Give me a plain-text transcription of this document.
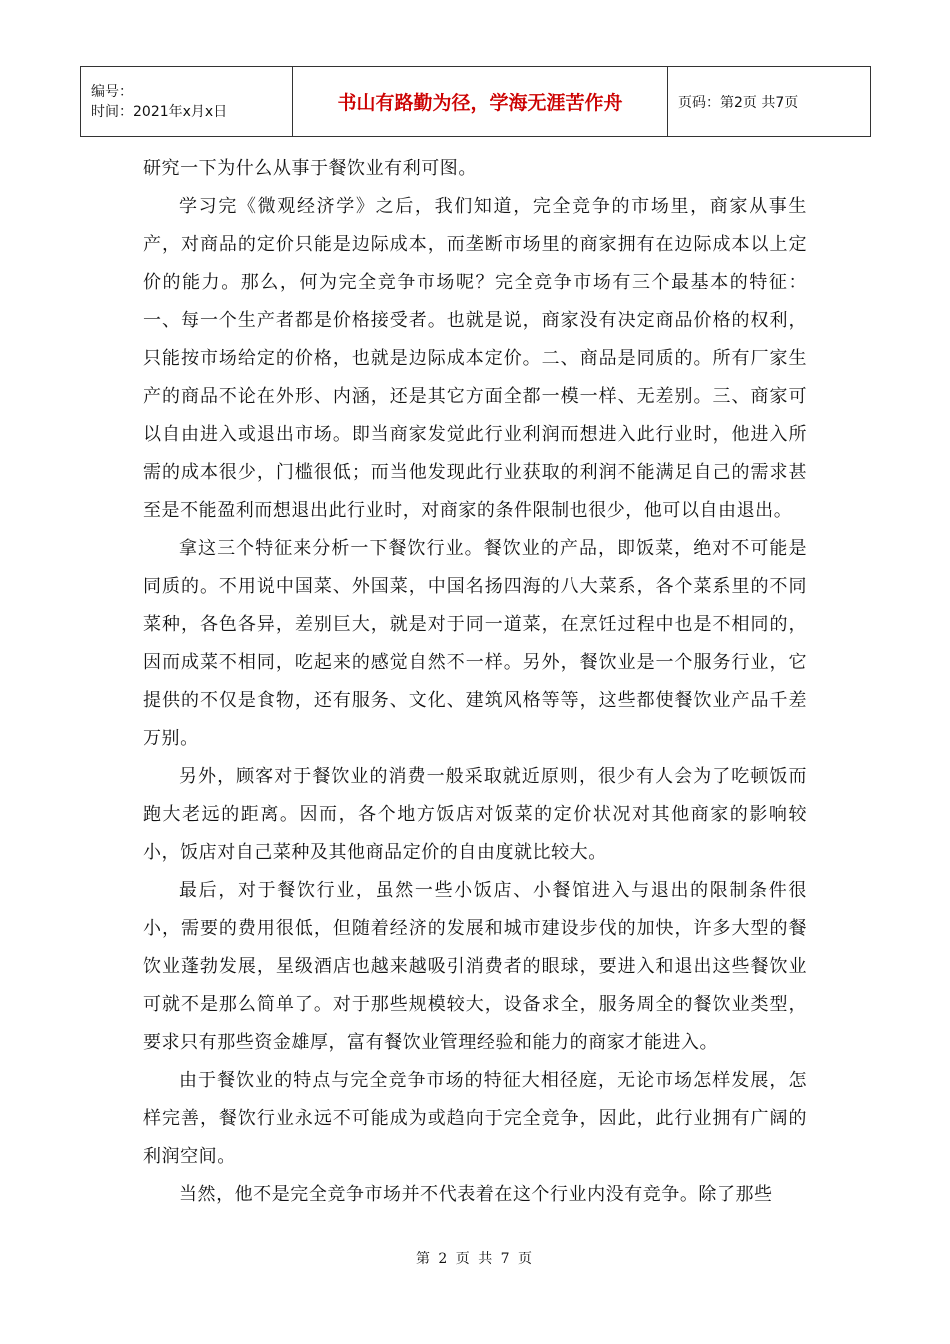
编号：
时间：2021年x月x日	书山有路勤为径，学海无涯苦作舟	页码：第2页 共7页

研究一下为什么从事于餐饮业有利可图。

学习完《微观经济学》之后，我们知道，完全竞争的市场里，商家从事生产，对商品的定价只能是边际成本，而垄断市场里的商家拥有在边际成本以上定价的能力。那么，何为完全竞争市场呢？完全竞争市场有三个最基本的特征：一、每一个生产者都是价格接受者。也就是说，商家没有决定商品价格的权利，只能按市场给定的价格，也就是边际成本定价。二、商品是同质的。所有厂家生产的商品不论在外形、内涵，还是其它方面全都一模一样、无差别。三、商家可以自由进入或退出市场。即当商家发觉此行业利润而想进入此行业时，他进入所需的成本很少，门槛很低；而当他发现此行业获取的利润不能满足自己的需求甚至是不能盈利而想退出此行业时，对商家的条件限制也很少，他可以自由退出。

拿这三个特征来分析一下餐饮行业。餐饮业的产品，即饭菜，绝对不可能是同质的。不用说中国菜、外国菜，中国名扬四海的八大菜系，各个菜系里的不同菜种，各色各异，差别巨大，就是对于同一道菜，在烹饪过程中也是不相同的，因而成菜不相同，吃起来的感觉自然不一样。另外，餐饮业是一个服务行业，它提供的不仅是食物，还有服务、文化、建筑风格等等，这些都使餐饮业产品千差万别。

另外，顾客对于餐饮业的消费一般采取就近原则，很少有人会为了吃顿饭而跑大老远的距离。因而，各个地方饭店对饭菜的定价状况对其他商家的影响较小，饭店对自己菜种及其他商品定价的自由度就比较大。

最后，对于餐饮行业，虽然一些小饭店、小餐馆进入与退出的限制条件很小，需要的费用很低，但随着经济的发展和城市建设步伐的加快，许多大型的餐饮业蓬勃发展，星级酒店也越来越吸引消费者的眼球，要进入和退出这些餐饮业可就不是那么简单了。对于那些规模较大，设备求全，服务周全的餐饮业类型，要求只有那些资金雄厚，富有餐饮业管理经验和能力的商家才能进入。

由于餐饮业的特点与完全竞争市场的特征大相径庭，无论市场怎样发展，怎样完善，餐饮行业永远不可能成为或趋向于完全竞争，因此，此行业拥有广阔的利润空间。

当然，他不是完全竞争市场并不代表着在这个行业内没有竞争。除了那些

第 2 页 共 7 页
